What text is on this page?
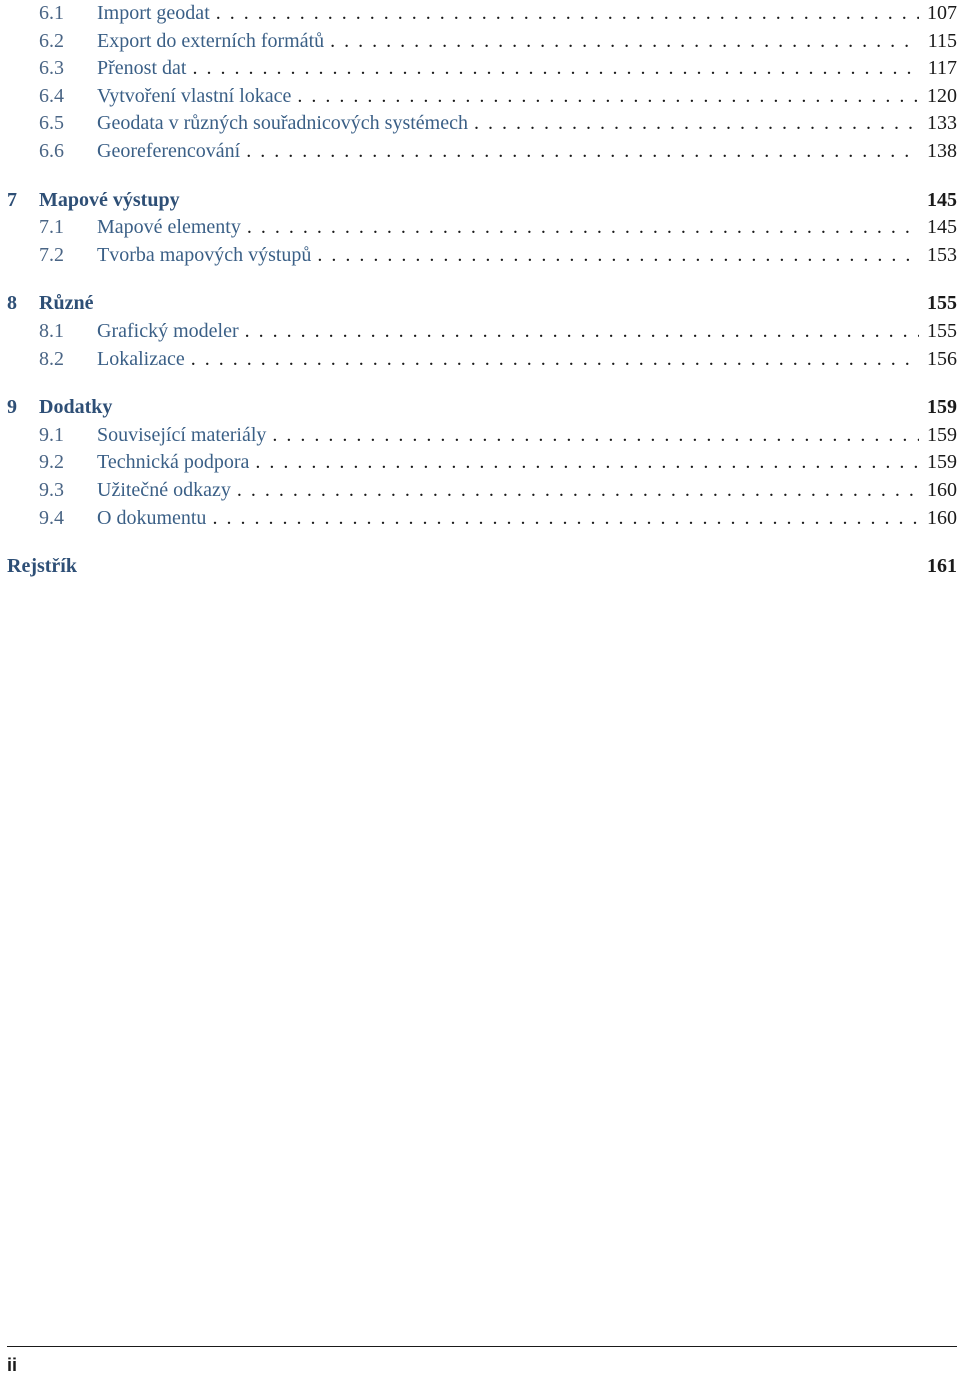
6.1	Import geodat . . .	107
6.2	Export do externích formátů . . .	115
6.3	Přenost dat . . .	117
6.4	Vytvoření vlastní lokace . . .	120
6.5	Geodata v různých souřadnicových systémech . . .	133
6.6	Georeferencování . . .	138
7	Mapové výstupy	145
7.1	Mapové elementy . . .	145
7.2	Tvorba mapových výstupů . . .	153
8	Různé	155
8.1	Grafický modeler . . .	155
8.2	Lokalizace . . .	156
9	Dodatky	159
9.1	Související materiály . . .	159
9.2	Technická podpora . . .	159
9.3	Užitečné odkazy . . .	160
9.4	O dokumentu . . .	160
Rejstřík	161
ii
